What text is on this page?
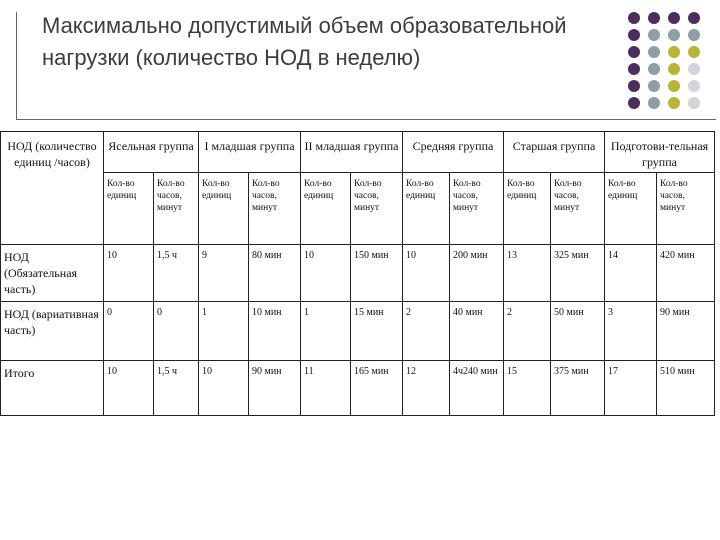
Максимально допустимый объем образовательной нагрузки (количество НОД в неделю)
НОД (количество единиц /часов)	Ясельная группа		I младшая группа		II младшая группа		Средняя группа		Старшая группа		Подготови-тельная группа	
	Кол-во единиц	Кол-во часов, минут	Кол-во единиц	Кол-во часов, минут	Кол-во единиц	Кол-во часов, минут	Кол-во единиц	Кол-во часов, минут	Кол-во единиц	Кол-во часов, минут	Кол-во единиц	Кол-во часов, минут
НОД (Обязательная часть)	10	1,5 ч	9	80 мин	10	150 мин	10	200 мин	13	325 мин	14	420 мин
НОД (вариативная часть)	0	0	1	10 мин	1	15 мин	2	40 мин	2	50 мин	3	90 мин
Итого	10	1,5 ч	10	90 мин	11	165 мин	12	4ч240 мин	15	375 мин	17	510 мин
